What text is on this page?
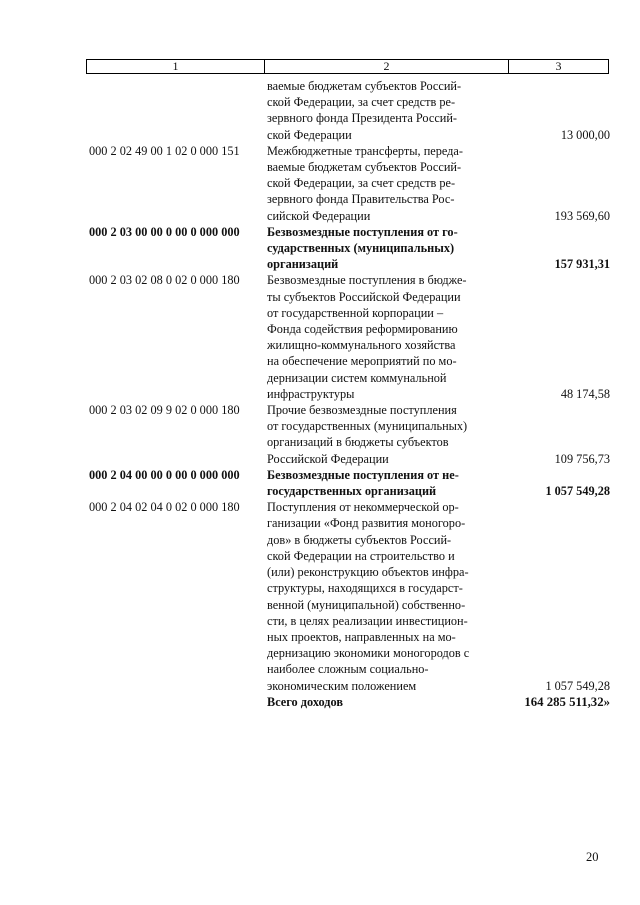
1	2	3
ваемые бюджетам субъектов Россий-
ской Федерации, за счет средств ре-
зервного фонда Президента Россий-
ской Федерации	13 000,00
000 2 02 49 00 1 02 0 000 151	Межбюджетные трансферты, переда-
ваемые бюджетам субъектов Россий-
ской Федерации, за счет средств ре-
зервного фонда Правительства Рос-
сийской Федерации	193 569,60
000 2 03 00 00 0 00 0 000 000	Безвозмездные поступления от го-
сударственных (муниципальных)
организаций	157 931,31
000 2 03 02 08 0 02 0 000 180	Безвозмездные поступления в бюдже-
ты субъектов Российской Федерации
от государственной корпорации –
Фонда содействия реформированию
жилищно-коммунального хозяйства
на обеспечение мероприятий по мо-
дернизации систем коммунальной
инфраструктуры	48 174,58
000 2 03 02 09 9 02 0 000 180	Прочие безвозмездные поступления
от государственных (муниципальных)
организаций в бюджеты субъектов
Российской Федерации	109 756,73
000 2 04 00 00 0 00 0 000 000	Безвозмездные поступления от не-
государственных организаций	1 057 549,28
000 2 04 02 04 0 02 0 000 180	Поступления от некоммерческой ор-
ганизации «Фонд развития моногоро-
дов» в бюджеты субъектов Россий-
ской Федерации на строительство и
(или) реконструкцию объектов инфра-
структуры, находящихся в государст-
венной (муниципальной) собственно-
сти, в целях реализации инвестицион-
ных проектов, направленных на мо-
дернизацию экономики моногородов с
наиболее сложным социально-
экономическим положением	1 057 549,28
Всего доходов	164 285 511,32»
20
